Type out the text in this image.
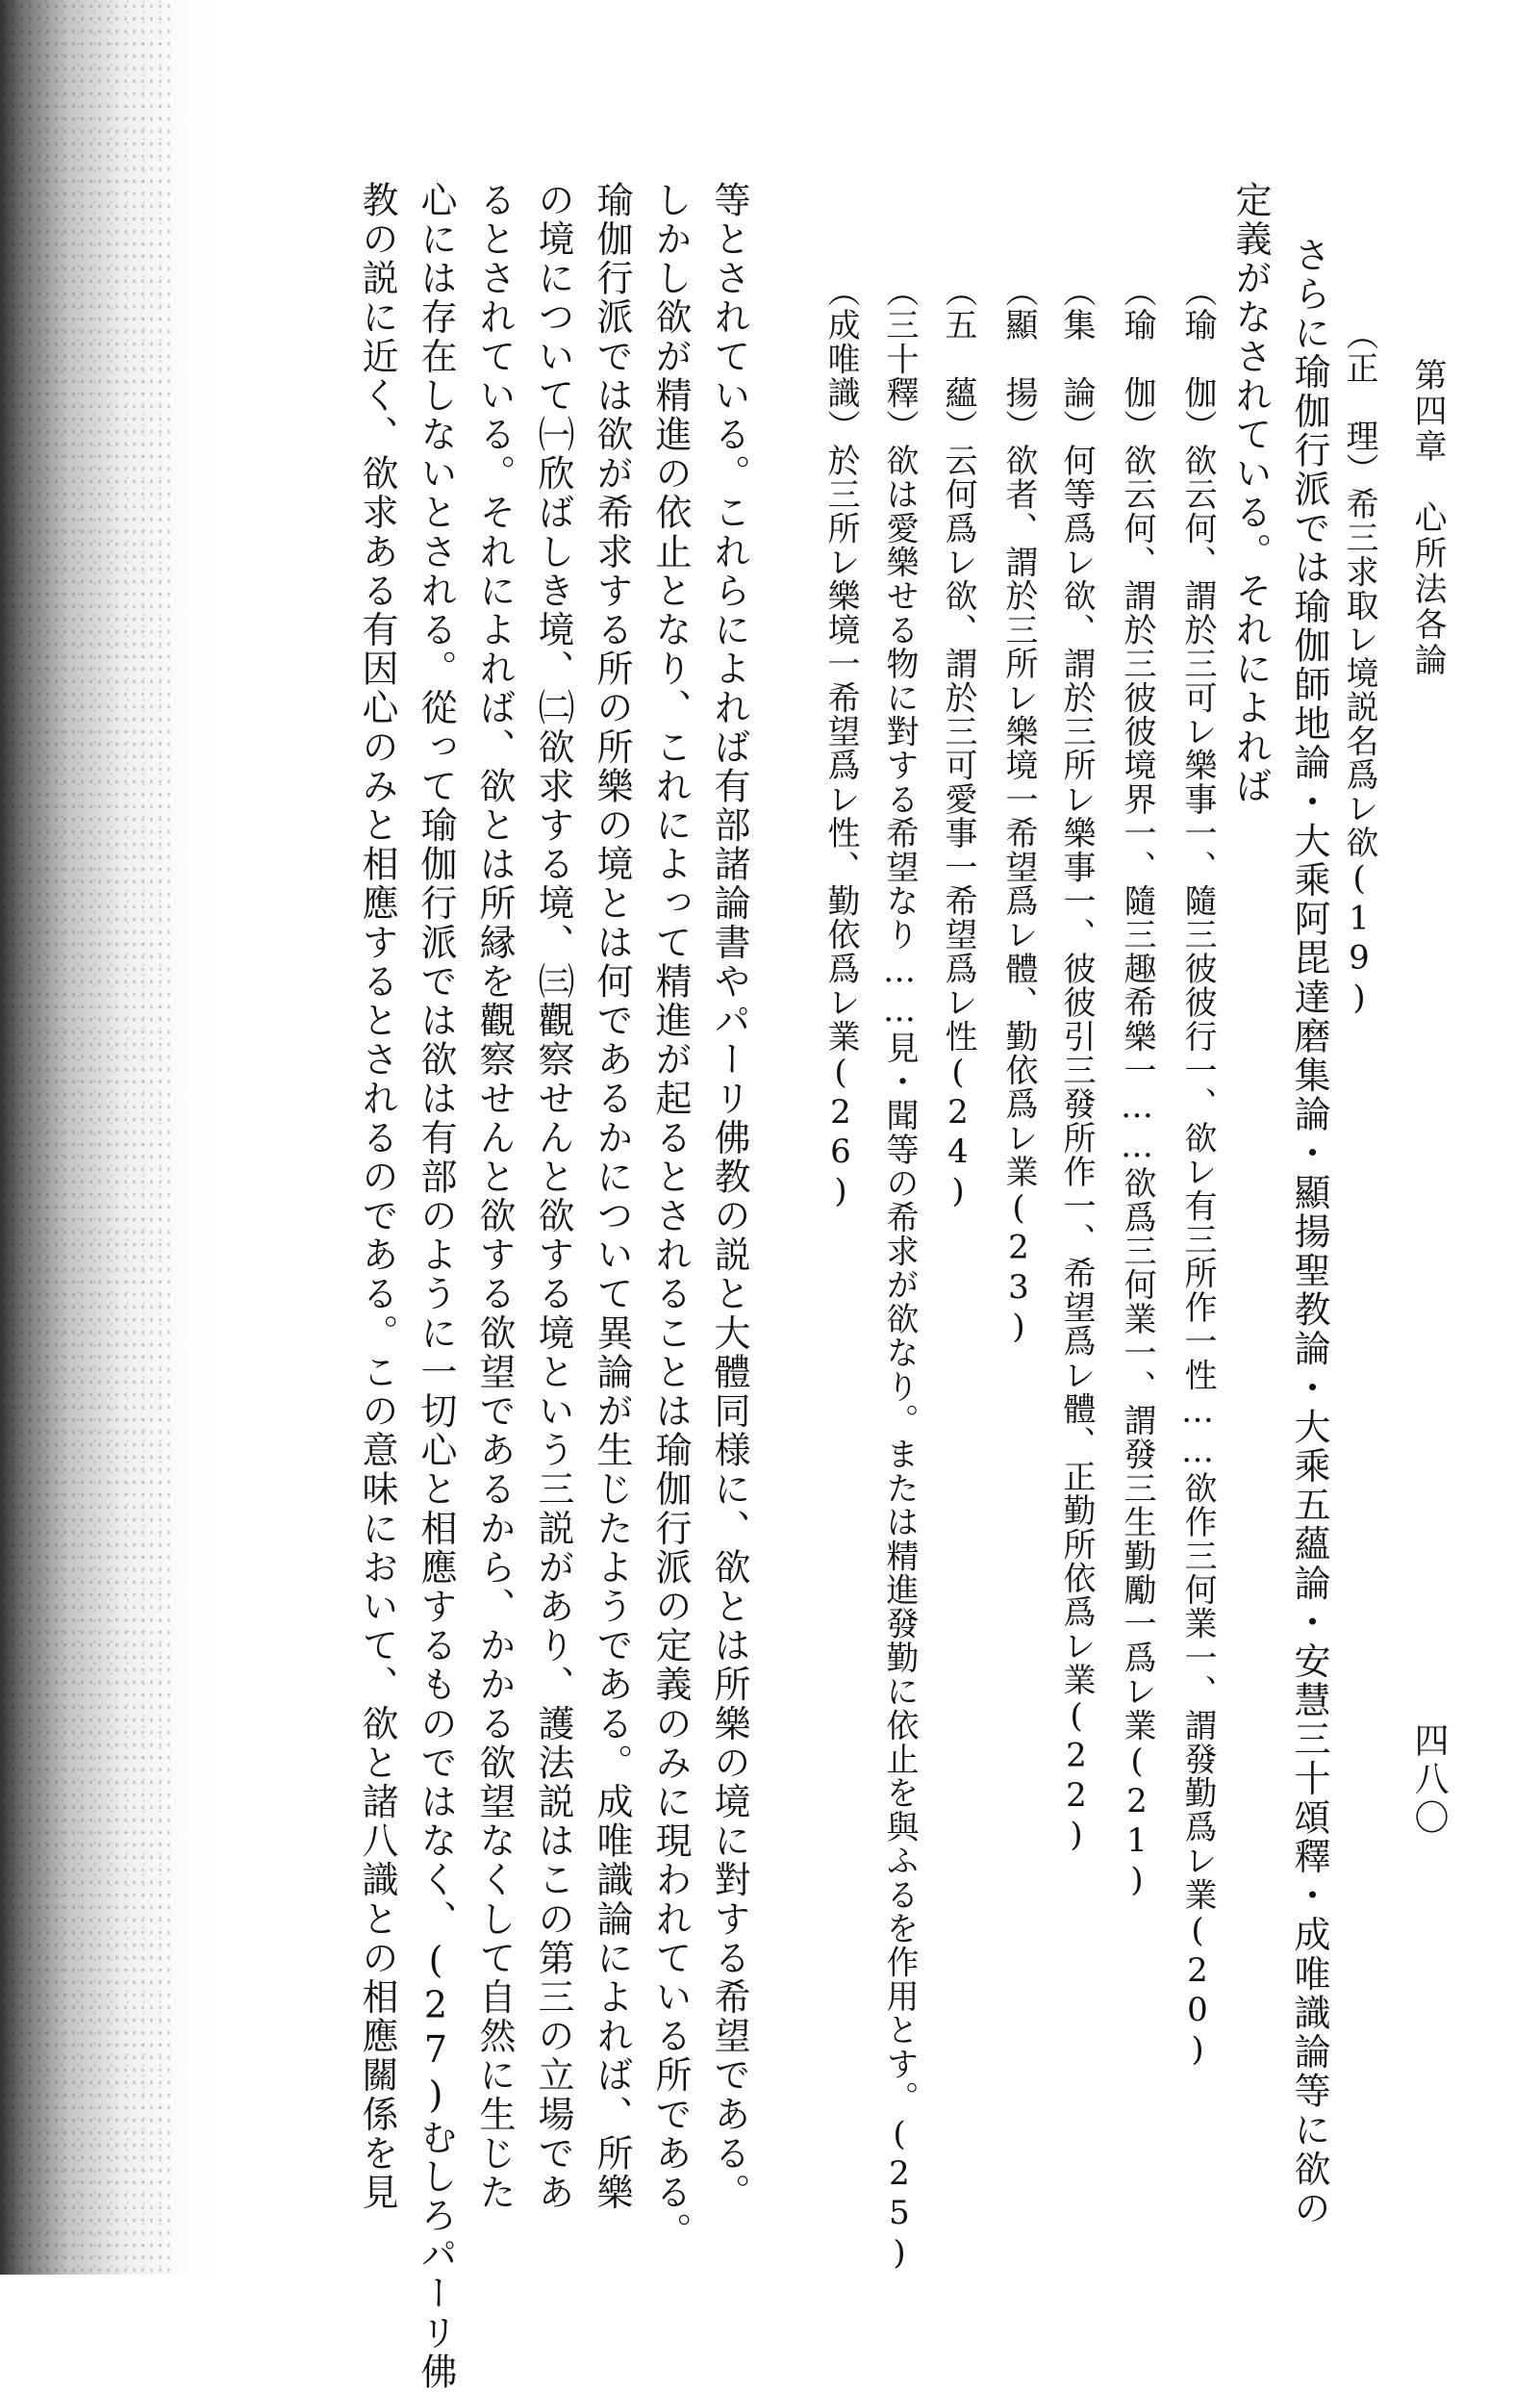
第四章　心所法各論
四八〇
（正　理）希三求取レ境説名爲レ欲(19)
さらに瑜伽行派では瑜伽師地論・大乘阿毘達磨集論・顯揚聖教論・大乘五蘊論・安慧三十頌釋・成唯識論等に欲の
定義がなされている。それによれば
（瑜　伽）欲云何、謂於三可レ樂事一、隨三彼彼行一、欲レ有三所作一性……欲作三何業一、謂發勤爲レ業(20)
（瑜　伽）欲云何、謂於三彼彼境界一、隨三趣希樂一……欲爲三何業一、謂發三生勤勵一爲レ業(21)
（集　論）何等爲レ欲、謂於三所レ樂事一、彼彼引三發所作一、希望爲レ體、正勤所依爲レ業(22)
（顯　揚）欲者、謂於三所レ樂境一希望爲レ體、勤依爲レ業(23)
（五　蘊）云何爲レ欲、謂於三可愛事一希望爲レ性(24)
（三十釋）欲は愛樂せる物に對する希望なり……見・聞等の希求が欲なり。または精進發勤に依止を與ふるを作用とす。(25)
（成唯識）於三所レ樂境一希望爲レ性、勤依爲レ業(26)
等とされている。これらによれば有部諸論書やパーリ佛教の説と大體同様に、欲とは所樂の境に對する希望である。
しかし欲が精進の依止となり、これによって精進が起るとされることは瑜伽行派の定義のみに現われている所である。
瑜伽行派では欲が希求する所の所樂の境とは何であるかについて異論が生じたようである。成唯識論によれば、所樂
の境について㈠欣ばしき境、㈡欲求する境、㈢觀察せんと欲する境という三説があり、護法説はこの第三の立場であ
るとされている。それによれば、欲とは所縁を觀察せんと欲する欲望であるから、かかる欲望なくして自然に生じた
心には存在しないとされる。從って瑜伽行派では欲は有部のように一切心と相應するものではなく、(27)むしろパーリ佛
教の説に近く、欲求ある有因心のみと相應するとされるのである。この意味において、欲と諸八識との相應關係を見
